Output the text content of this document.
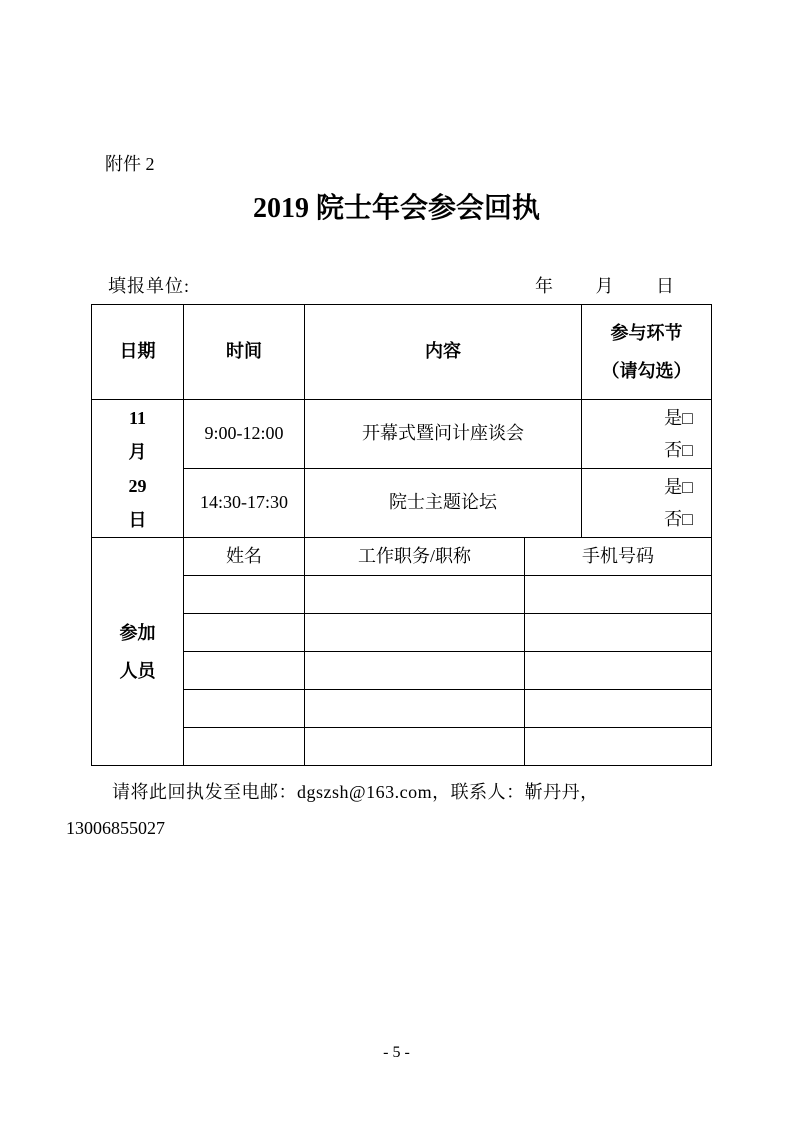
附件 2
2019 院士年会参会回执
填报单位:	年 月 日
日期	时间	内容		参与环节
（请勾选）

11
月
29
日	9:00-12:00	开幕式暨问计座谈会		是□
否□

	14:30-17:30	院士主题论坛		是□
否□

参加
人员	姓名	工作职务/职称	手机号码	

请将此回执发至电邮：dgszsh@163.com，联系人：靳丹丹，
13006855027
- 5 -
